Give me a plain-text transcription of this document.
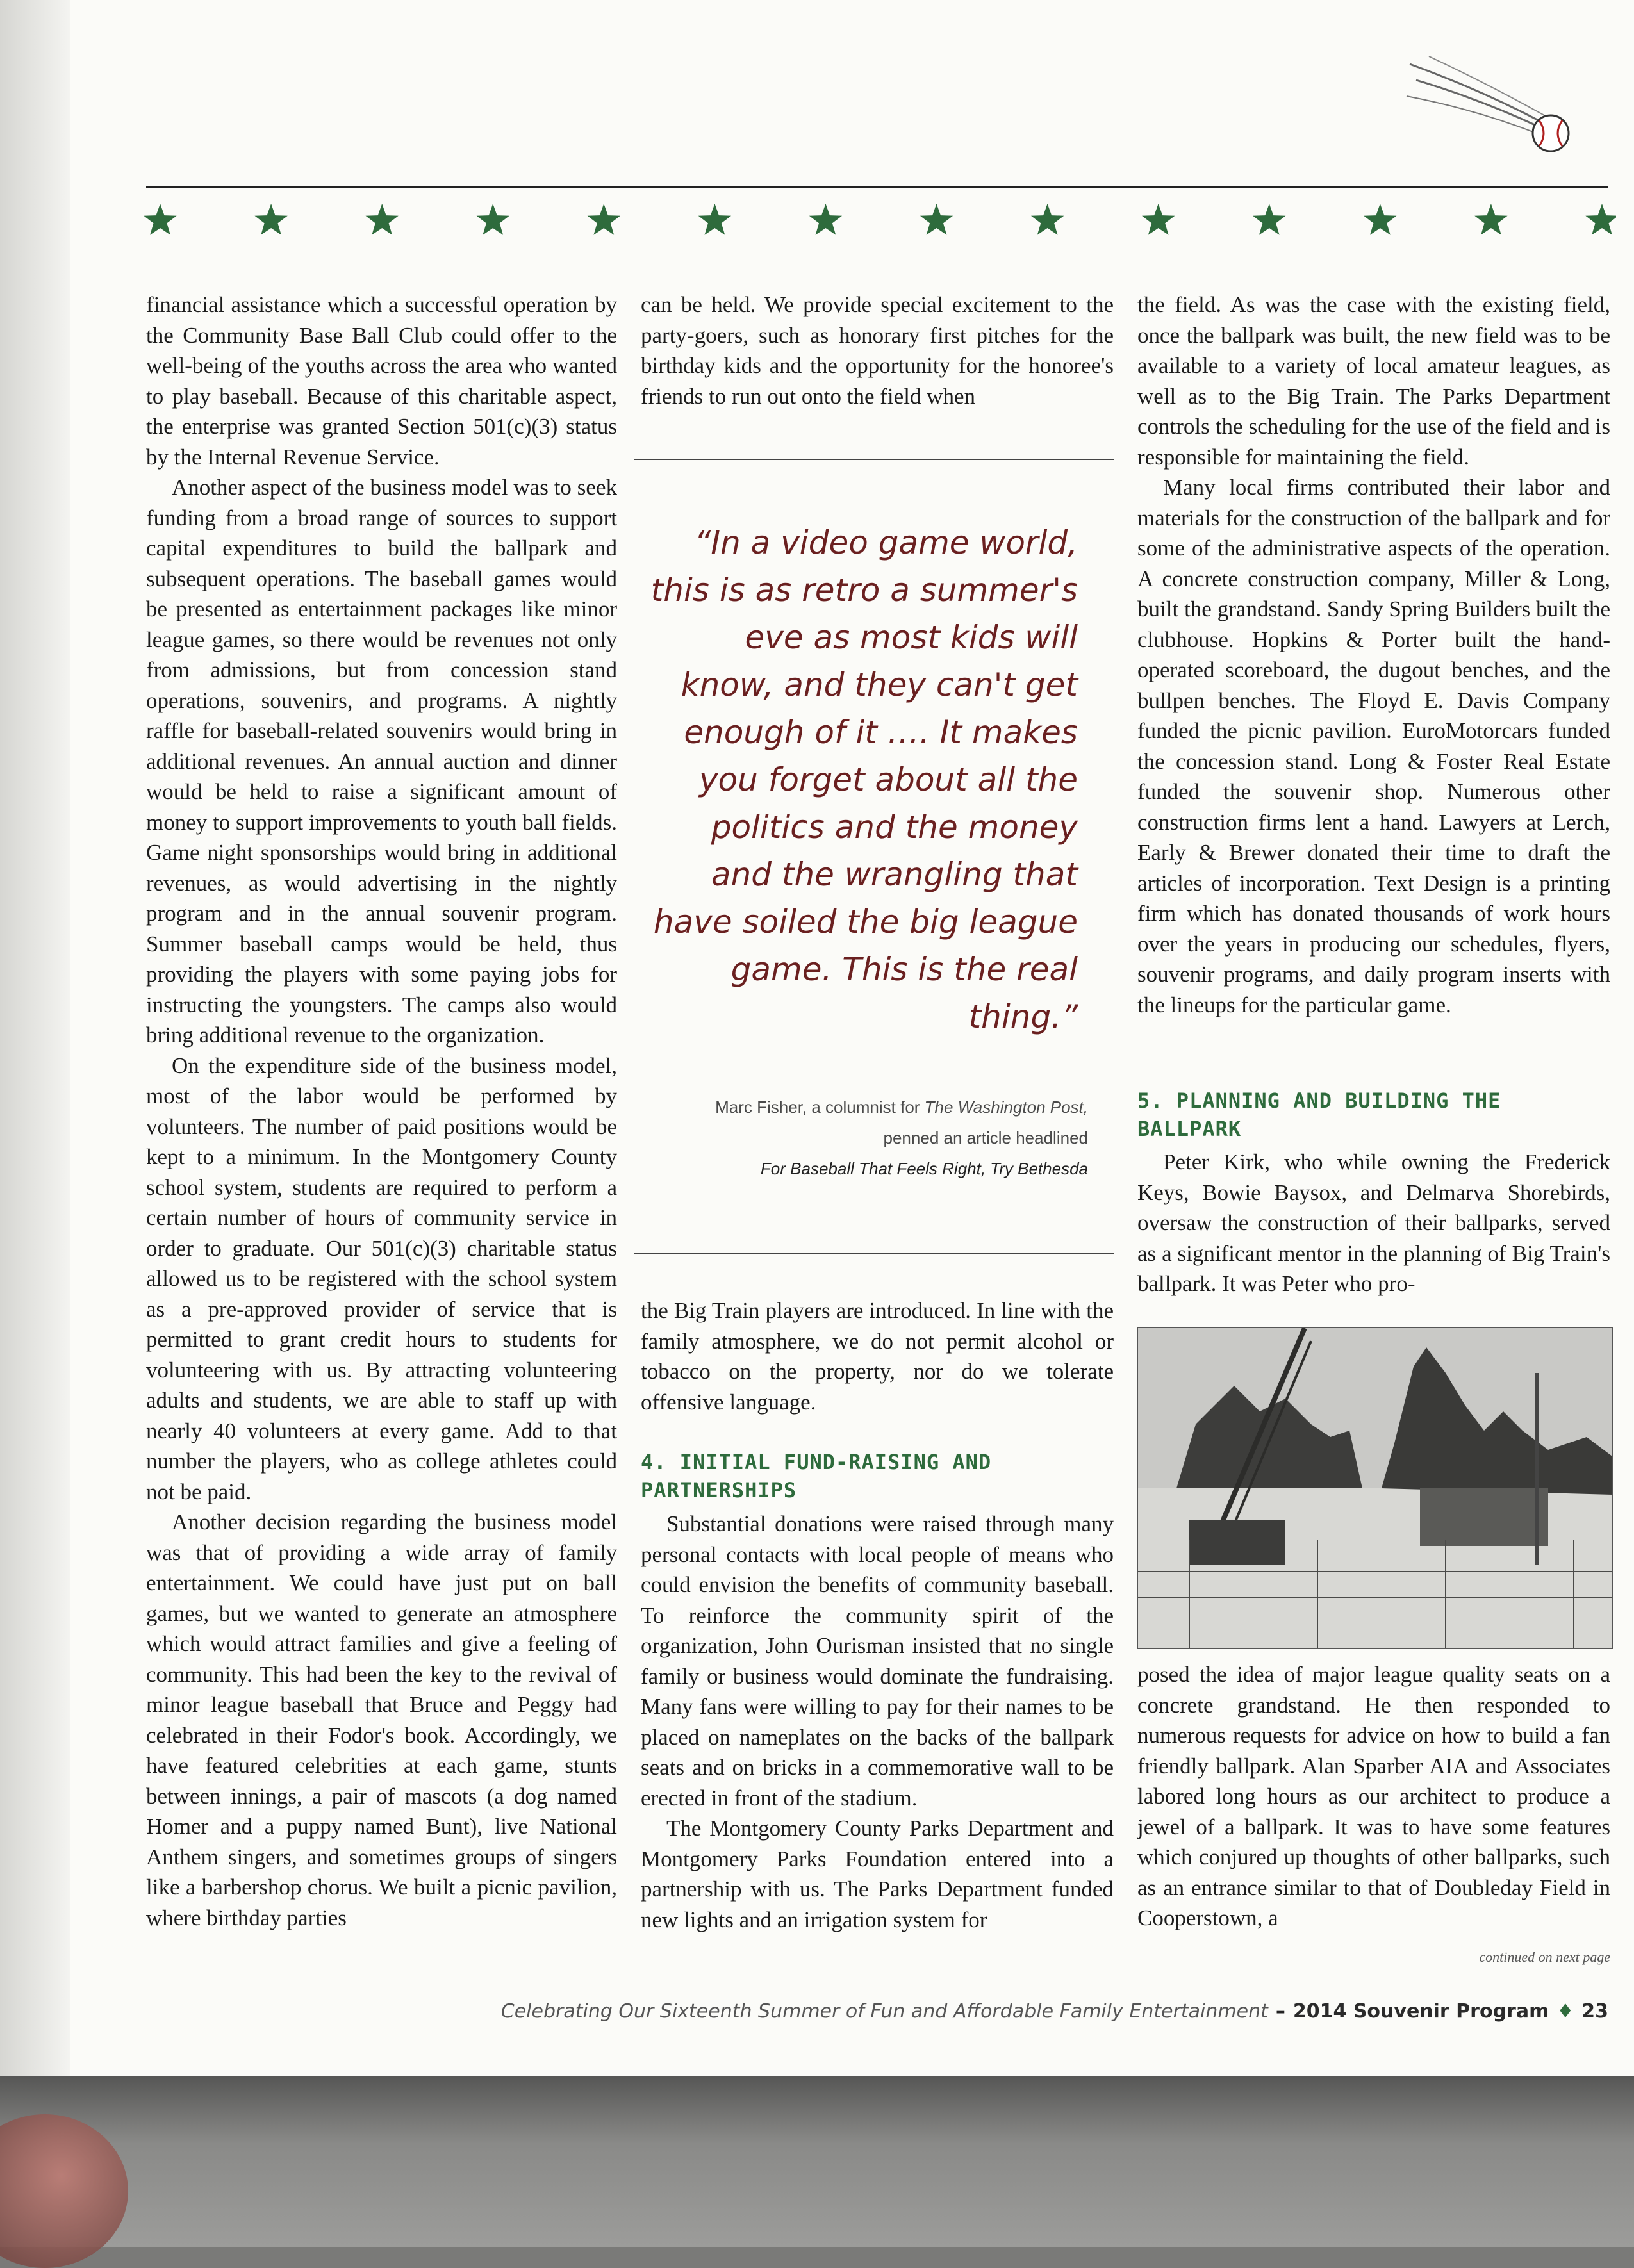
financial assistance which a successful operation by the Community Base Ball Club could offer to the well-being of the youths across the area who wanted to play baseball. Because of this charitable aspect, the enterprise was granted Section 501(c)(3) status by the Internal Revenue Service.

Another aspect of the business model was to seek funding from a broad range of sources to support capital expenditures to build the ballpark and subsequent operations. The baseball games would be presented as entertainment packages like minor league games, so there would be revenues not only from admissions, but from concession stand operations, souvenirs, and programs. A nightly raffle for baseball-related souvenirs would bring in additional revenues. An annual auction and dinner would be held to raise a significant amount of money to support improvements to youth ball fields. Game night sponsorships would bring in additional revenues, as would advertising in the nightly program and in the annual souvenir program. Summer baseball camps would be held, thus providing the players with some paying jobs for instructing the youngsters. The camps also would bring additional revenue to the organization.

On the expenditure side of the business model, most of the labor would be performed by volunteers. The number of paid positions would be kept to a minimum. In the Montgomery County school system, students are required to perform a certain number of hours of community service in order to graduate. Our 501(c)(3) charitable status allowed us to be registered with the school system as a pre-approved provider of service that is permitted to grant credit hours to students for volunteering with us. By attracting volunteering adults and students, we are able to staff up with nearly 40 volunteers at every game. Add to that number the players, who as college athletes could not be paid.

Another decision regarding the business model was that of providing a wide array of family entertainment. We could have just put on ball games, but we wanted to generate an atmosphere which would attract families and give a feeling of community. This had been the key to the revival of minor league baseball that Bruce and Peggy had celebrated in their Fodor's book. Accordingly, we have featured celebrities at each game, stunts between innings, a pair of mascots (a dog named Homer and a puppy named Bunt), live National Anthem singers, and sometimes groups of singers like a barbershop chorus. We built a picnic pavilion, where birthday parties

can be held. We provide special excitement to the party-goers, such as honorary first pitches for the birthday kids and the opportunity for the honoree's friends to run out onto the field when

“In a video game world, this is as retro a summer's eve as most kids will know, and they can't get enough of it …. It makes you forget about all the politics and the money and the wrangling that have soiled the big league game. This is the real thing.”
Marc Fisher, a columnist for The Washington Post,
penned an article headlined
For Baseball That Feels Right, Try Bethesda

the Big Train players are introduced. In line with the family atmosphere, we do not permit alcohol or tobacco on the property, nor do we tolerate offensive language.

4. INITIAL FUND-RAISING AND PARTNERSHIPS

Substantial donations were raised through many personal contacts with local people of means who could envision the benefits of community baseball. To reinforce the community spirit of the organization, John Ourisman insisted that no single family or business would dominate the fundraising. Many fans were willing to pay for their names to be placed on nameplates on the backs of the ballpark seats and on bricks in a commemorative wall to be erected in front of the stadium.

The Montgomery County Parks Department and Montgomery Parks Foundation entered into a partnership with us. The Parks Department funded new lights and an irrigation system for

the field. As was the case with the existing field, once the ballpark was built, the new field was to be available to a variety of local amateur leagues, as well as to the Big Train. The Parks Department controls the scheduling for the use of the field and is responsible for maintaining the field.

Many local firms contributed their labor and materials for the construction of the ballpark and for some of the administrative aspects of the operation. A concrete construction company, Miller & Long, built the grandstand. Sandy Spring Builders built the clubhouse. Hopkins & Porter built the hand-operated scoreboard, the dugout benches, and the bullpen benches. The Floyd E. Davis Company funded the picnic pavilion. EuroMotorcars funded the concession stand. Long & Foster Real Estate funded the souvenir shop. Numerous other construction firms lent a hand. Lawyers at Lerch, Early & Brewer donated their time to draft the articles of incorporation. Text Design is a printing firm which has donated thousands of work hours over the years in producing our schedules, flyers, souvenir programs, and daily program inserts with the lineups for the particular game.

5. PLANNING AND BUILDING THE BALLPARK

Peter Kirk, who while owning the Frederick Keys, Bowie Baysox, and Delmarva Shorebirds, oversaw the construction of their ballparks, served as a significant mentor in the planning of Big Train's ballpark. It was Peter who pro-

posed the idea of major league quality seats on a concrete grandstand. He then responded to numerous requests for advice on how to build a fan friendly ballpark. Alan Sparber AIA and Associates labored long hours as our architect to produce a jewel of a ballpark. It was to have some features which conjured up thoughts of other ballparks, such as an entrance similar to that of Doubleday Field in Cooperstown, a

continued on next page
Celebrating Our Sixteenth Summer of Fun and Affordable Family Entertainment – 2014 Souvenir Program ♦ 23
